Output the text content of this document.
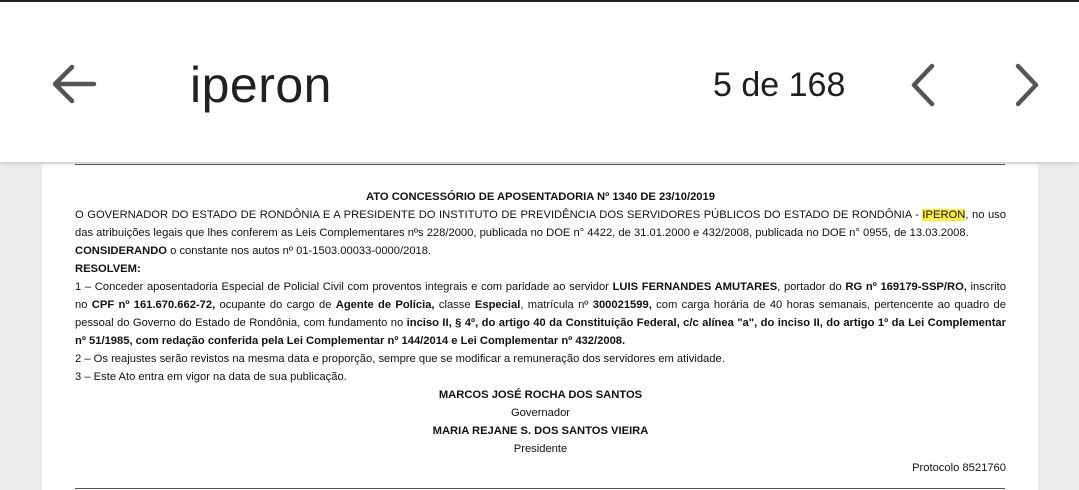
iperon	5 de 168

ATO CONCESSÓRIO DE APOSENTADORIA Nº 1340 DE 23/10/2019

O GOVERNADOR DO ESTADO DE RONDÔNIA E A PRESIDENTE DO INSTITUTO DE PREVIDÊNCIA DOS SERVIDORES PÚBLICOS DO ESTADO DE RONDÔNIA - IPERON, no uso das atribuições legais que lhes conferem as Leis Complementares nºs 228/2000, publicada no DOE n° 4422, de 31.01.2000 e 432/2008, publicada no DOE n° 0955, de 13.03.2008.

CONSIDERANDO o constante nos autos nº 01-1503.00033-0000/2018.

RESOLVEM:

1 – Conceder aposentadoria Especial de Policial Civil com proventos integrais e com paridade ao servidor LUIS FERNANDES AMUTARES, portador do RG nº 169179-SSP/RO, inscrito no CPF nº 161.670.662-72, ocupante do cargo de Agente de Polícia, classe Especial, matrícula nº 300021599, com carga horária de 40 horas semanais, pertencente ao quadro de pessoal do Governo do Estado de Rondônia, com fundamento no inciso II, § 4º, do artigo 40 da Constituição Federal, c/c alínea "a", do inciso II, do artigo 1º da Lei Complementar nº 51/1985, com redação conferida pela Lei Complementar nº 144/2014 e Lei Complementar nº 432/2008.

2 – Os reajustes serão revistos na mesma data e proporção, sempre que se modificar a remuneração dos servidores em atividade.

3 – Este Ato entra em vigor na data de sua publicação.

MARCOS JOSÉ ROCHA DOS SANTOS

Governador

MARIA REJANE S. DOS SANTOS VIEIRA

Presidente

Protocolo 8521760
